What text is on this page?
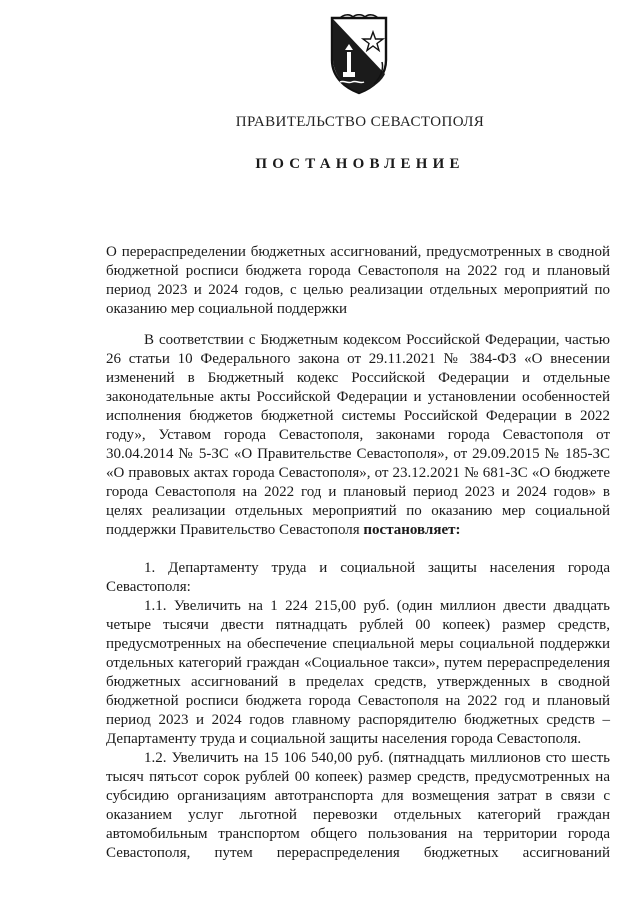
ПРАВИТЕЛЬСТВО СЕВАСТОПОЛЯ
ПОСТАНОВЛЕНИЕ
О перераспределении бюджетных ассигнований, предусмотренных в сводной бюджетной росписи бюджета города Севастополя на 2022 год и плановый период 2023 и 2024 годов, с целью реализации отдельных мероприятий по оказанию мер социальной поддержки

В соответствии с Бюджетным кодексом Российской Федерации, частью 26 статьи 10 Федерального закона от 29.11.2021 № 384-ФЗ «О внесении изменений в Бюджетный кодекс Российской Федерации и отдельные законодательные акты Российской Федерации и установлении особенностей исполнения бюджетов бюджетной системы Российской Федерации в 2022 году», Уставом города Севастополя, законами города Севастополя от 30.04.2014 № 5-ЗС «О Правительстве Севастополя», от 29.09.2015 № 185-ЗС «О правовых актах города Севастополя», от 23.12.2021 № 681-ЗС «О бюджете города Севастополя на 2022 год и плановый период 2023 и 2024 годов» в целях реализации отдельных мероприятий по оказанию мер социальной поддержки Правительство Севастополя постановляет:

1. Департаменту труда и социальной защиты населения города Севастополя:

1.1. Увеличить на 1 224 215,00 руб. (один миллион двести двадцать четыре тысячи двести пятнадцать рублей 00 копеек) размер средств, предусмотренных на обеспечение специальной меры социальной поддержки отдельных категорий граждан «Социальное такси», путем перераспределения бюджетных ассигнований в пределах средств, утвержденных в сводной бюджетной росписи бюджета города Севастополя на 2022 год и плановый период 2023 и 2024 годов главному распорядителю бюджетных средств – Департаменту труда и социальной защиты населения города Севастополя.

1.2. Увеличить на 15 106 540,00 руб. (пятнадцать миллионов сто шесть тысяч пятьсот сорок рублей 00 копеек) размер средств, предусмотренных на субсидию организациям автотранспорта для возмещения затрат в связи с оказанием услуг льготной перевозки отдельных категорий граждан автомобильным транспортом общего пользования на территории города Севастополя, путем перераспределения бюджетных ассигнований
